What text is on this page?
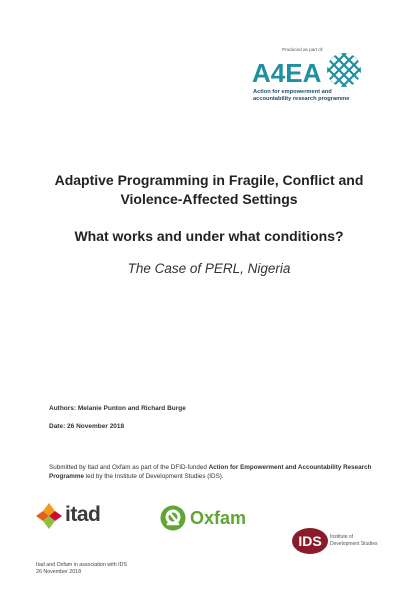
Produced as part of:
A4EA
Action for empowerment and
accountability research programme
Adaptive Programming in Fragile, Conflict and
Violence-Affected Settings
What works and under what conditions?
The Case of PERL, Nigeria
Authors: Melanie Punton and Richard Burge
Date: 26 November 2018
Submitted by Itad and Oxfam as part of the DFID-funded Action for Empowerment and Accountability Research Programme led by the Institute of Development Studies (IDS).
itad	Oxfam
IDS Institute of
Development Studies
Itad and Oxfam in association with IDS
26 November 2018
